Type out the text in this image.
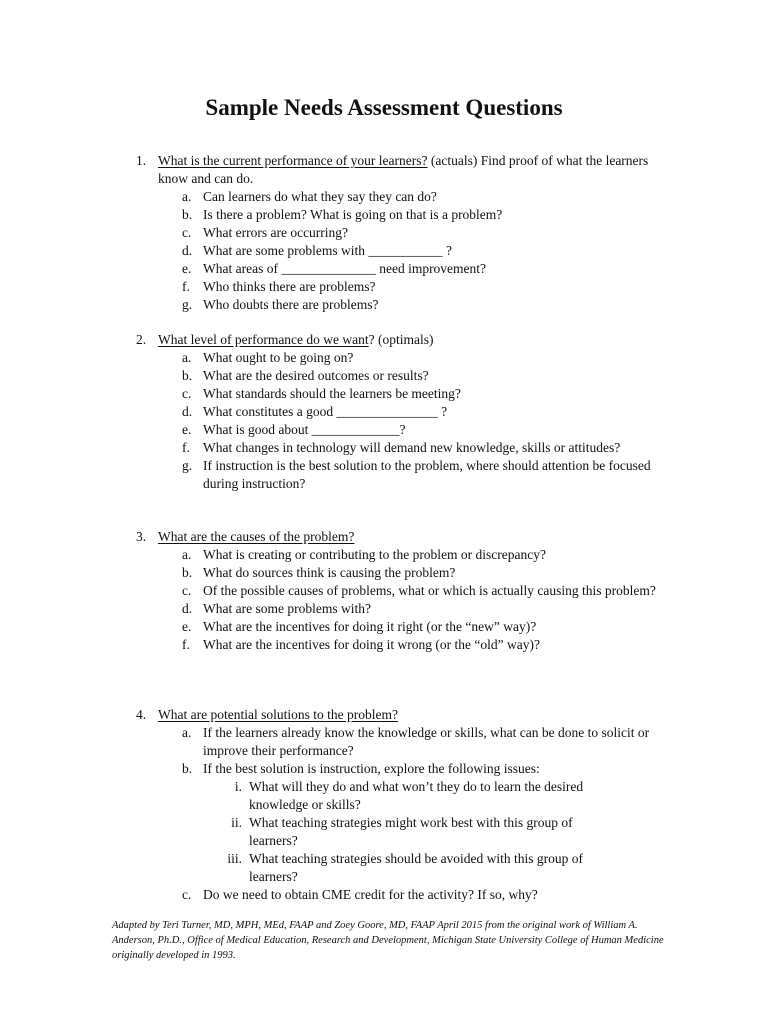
Sample Needs Assessment Questions
1. What is the current performance of your learners? (actuals) Find proof of what the learners know and can do.
a. Can learners do what they say they can do?
b. Is there a problem? What is going on that is a problem?
c. What errors are occurring?
d. What are some problems with ___________ ?
e. What areas of ______________ need improvement?
f. Who thinks there are problems?
g. Who doubts there are problems?
2. What level of performance do we want? (optimals)
a. What ought to be going on?
b. What are the desired outcomes or results?
c. What standards should the learners be meeting?
d. What constitutes a good _______________ ?
e. What is good about _____________?
f. What changes in technology will demand new knowledge, skills or attitudes?
g. If instruction is the best solution to the problem, where should attention be focused during instruction?
3. What are the causes of the problem?
a. What is creating or contributing to the problem or discrepancy?
b. What do sources think is causing the problem?
c. Of the possible causes of problems, what or which is actually causing this problem?
d. What are some problems with?
e. What are the incentives for doing it right (or the “new” way)?
f. What are the incentives for doing it wrong (or the “old” way)?
4. What are potential solutions to the problem?
a. If the learners already know the knowledge or skills, what can be done to solicit or improve their performance?
b. If the best solution is instruction, explore the following issues:
i. What will they do and what won’t they do to learn the desired knowledge or skills?
ii. What teaching strategies might work best with this group of learners?
iii. What teaching strategies should be avoided with this group of learners?
c. Do we need to obtain CME credit for the activity? If so, why?
Adapted by Teri Turner, MD, MPH, MEd, FAAP and Zoey Goore, MD, FAAP April 2015 from the original work of William A. Anderson, Ph.D., Office of Medical Education, Research and Development, Michigan State University College of Human Medicine originally developed in 1993.
